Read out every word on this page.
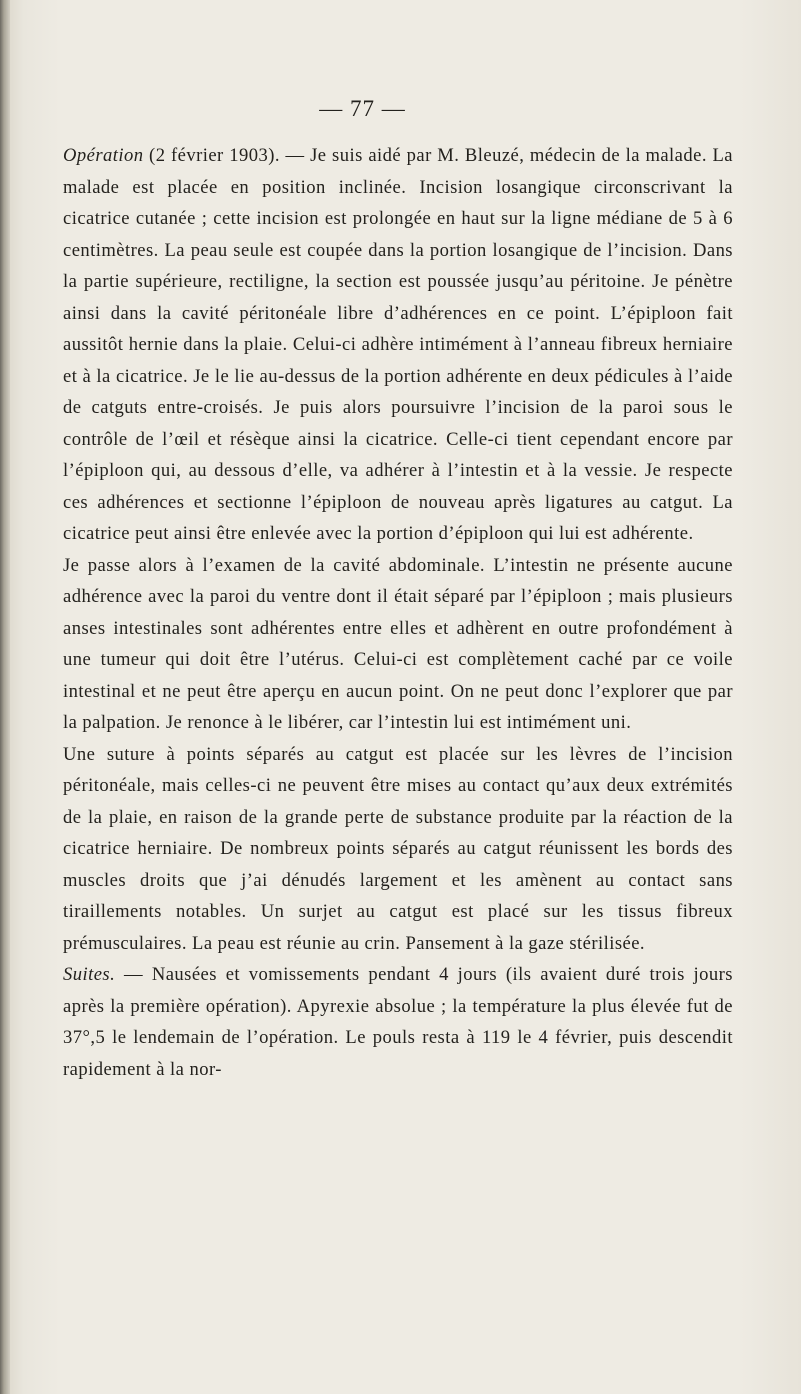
— 77 —

Opération (2 février 1903). — Je suis aidé par M. Bleuzé, médecin de la malade. La malade est placée en position inclinée. Incision losangique circonscrivant la cicatrice cutanée ; cette incision est prolongée en haut sur la ligne médiane de 5 à 6 centimètres. La peau seule est coupée dans la portion losangique de l’incision. Dans la partie supérieure, rectiligne, la section est poussée jusqu’au péritoine. Je pénètre ainsi dans la cavité péritonéale libre d’adhérences en ce point. L’épiploon fait aussitôt hernie dans la plaie. Celui-ci adhère intimément à l’anneau fibreux herniaire et à la cicatrice. Je le lie au-dessus de la portion adhérente en deux pédicules à l’aide de catguts entre-croisés. Je puis alors poursuivre l’incision de la paroi sous le contrôle de l’œil et résèque ainsi la cicatrice. Celle-ci tient cependant encore par l’épiploon qui, au dessous d’elle, va adhérer à l’intestin et à la vessie. Je respecte ces adhérences et sectionne l’épiploon de nouveau après ligatures au catgut. La cicatrice peut ainsi être enlevée avec la portion d’épiploon qui lui est adhérente.

Je passe alors à l’examen de la cavité abdominale. L’intestin ne présente aucune adhérence avec la paroi du ventre dont il était séparé par l’épiploon ; mais plusieurs anses intestinales sont adhérentes entre elles et adhèrent en outre profondément à une tumeur qui doit être l’utérus. Celui-ci est complètement caché par ce voile intestinal et ne peut être aperçu en aucun point. On ne peut donc l’explorer que par la palpation. Je renonce à le libérer, car l’intestin lui est intimément uni.

Une suture à points séparés au catgut est placée sur les lèvres de l’incision péritonéale, mais celles-ci ne peuvent être mises au contact qu’aux deux extrémités de la plaie, en raison de la grande perte de substance produite par la réaction de la cicatrice herniaire. De nombreux points séparés au catgut réunissent les bords des muscles droits que j’ai dénudés largement et les amènent au contact sans tiraillements notables. Un surjet au catgut est placé sur les tissus fibreux prémusculaires. La peau est réunie au crin. Pansement à la gaze stérilisée.

Suites. — Nausées et vomissements pendant 4 jours (ils avaient duré trois jours après la première opération). Apyrexie absolue ; la température la plus élevée fut de 37°,5 le lendemain de l’opération. Le pouls resta à 119 le 4 février, puis descendit rapidement à la nor-
